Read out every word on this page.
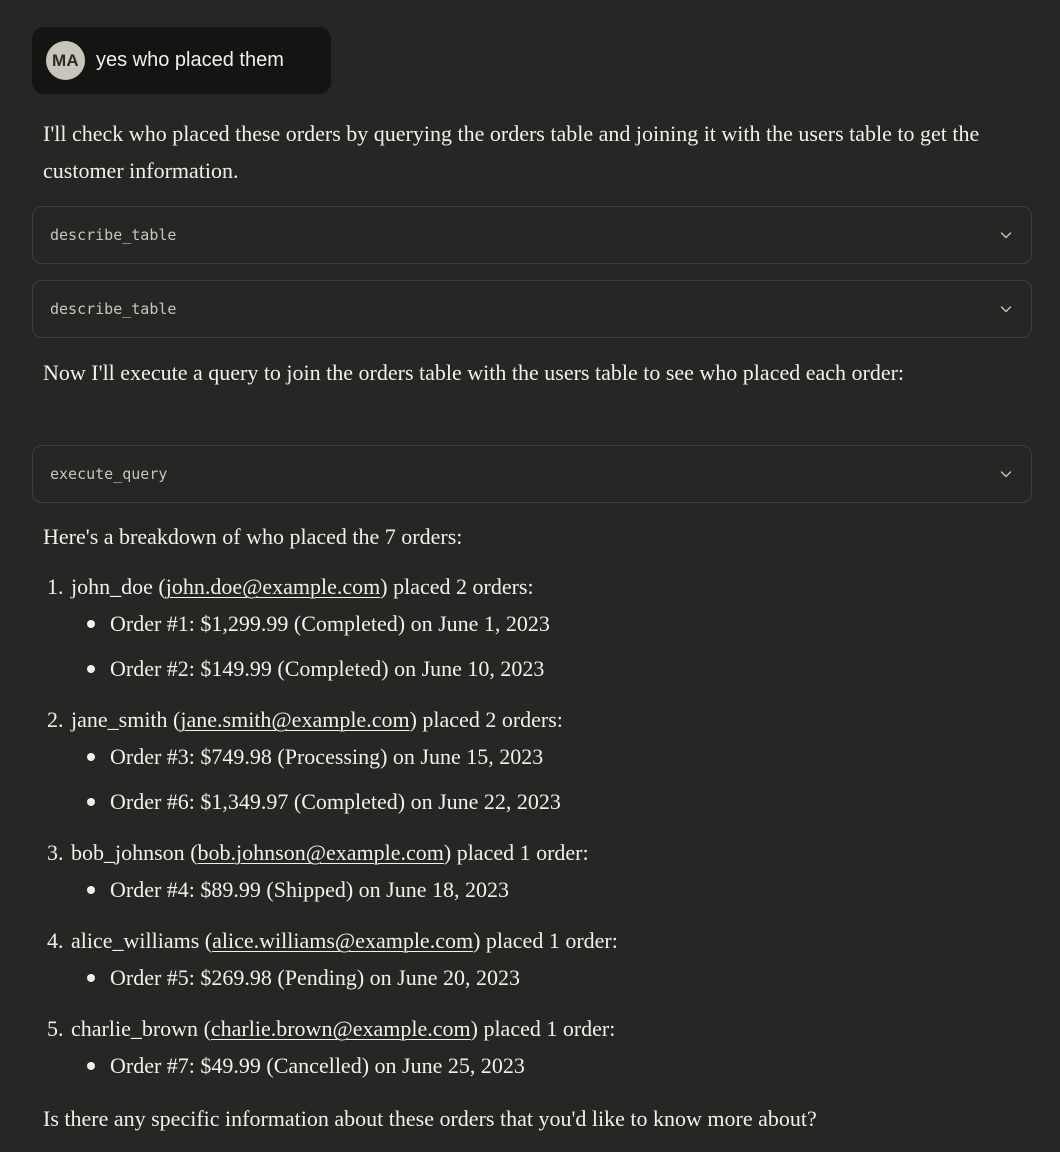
MA yes who placed them
I'll check who placed these orders by querying the orders table and joining it with the users table to get the customer information.
describe_table
describe_table
Now I'll execute a query to join the orders table with the users table to see who placed each order:
execute_query
Here's a breakdown of who placed the 7 orders:
1. john_doe (john.doe@example.com) placed 2 orders:
Order #1: $1,299.99 (Completed) on June 1, 2023
Order #2: $149.99 (Completed) on June 10, 2023
2. jane_smith (jane.smith@example.com) placed 2 orders:
Order #3: $749.98 (Processing) on June 15, 2023
Order #6: $1,349.97 (Completed) on June 22, 2023
3. bob_johnson (bob.johnson@example.com) placed 1 order:
Order #4: $89.99 (Shipped) on June 18, 2023
4. alice_williams (alice.williams@example.com) placed 1 order:
Order #5: $269.98 (Pending) on June 20, 2023
5. charlie_brown (charlie.brown@example.com) placed 1 order:
Order #7: $49.99 (Cancelled) on June 25, 2023
Is there any specific information about these orders that you'd like to know more about?
